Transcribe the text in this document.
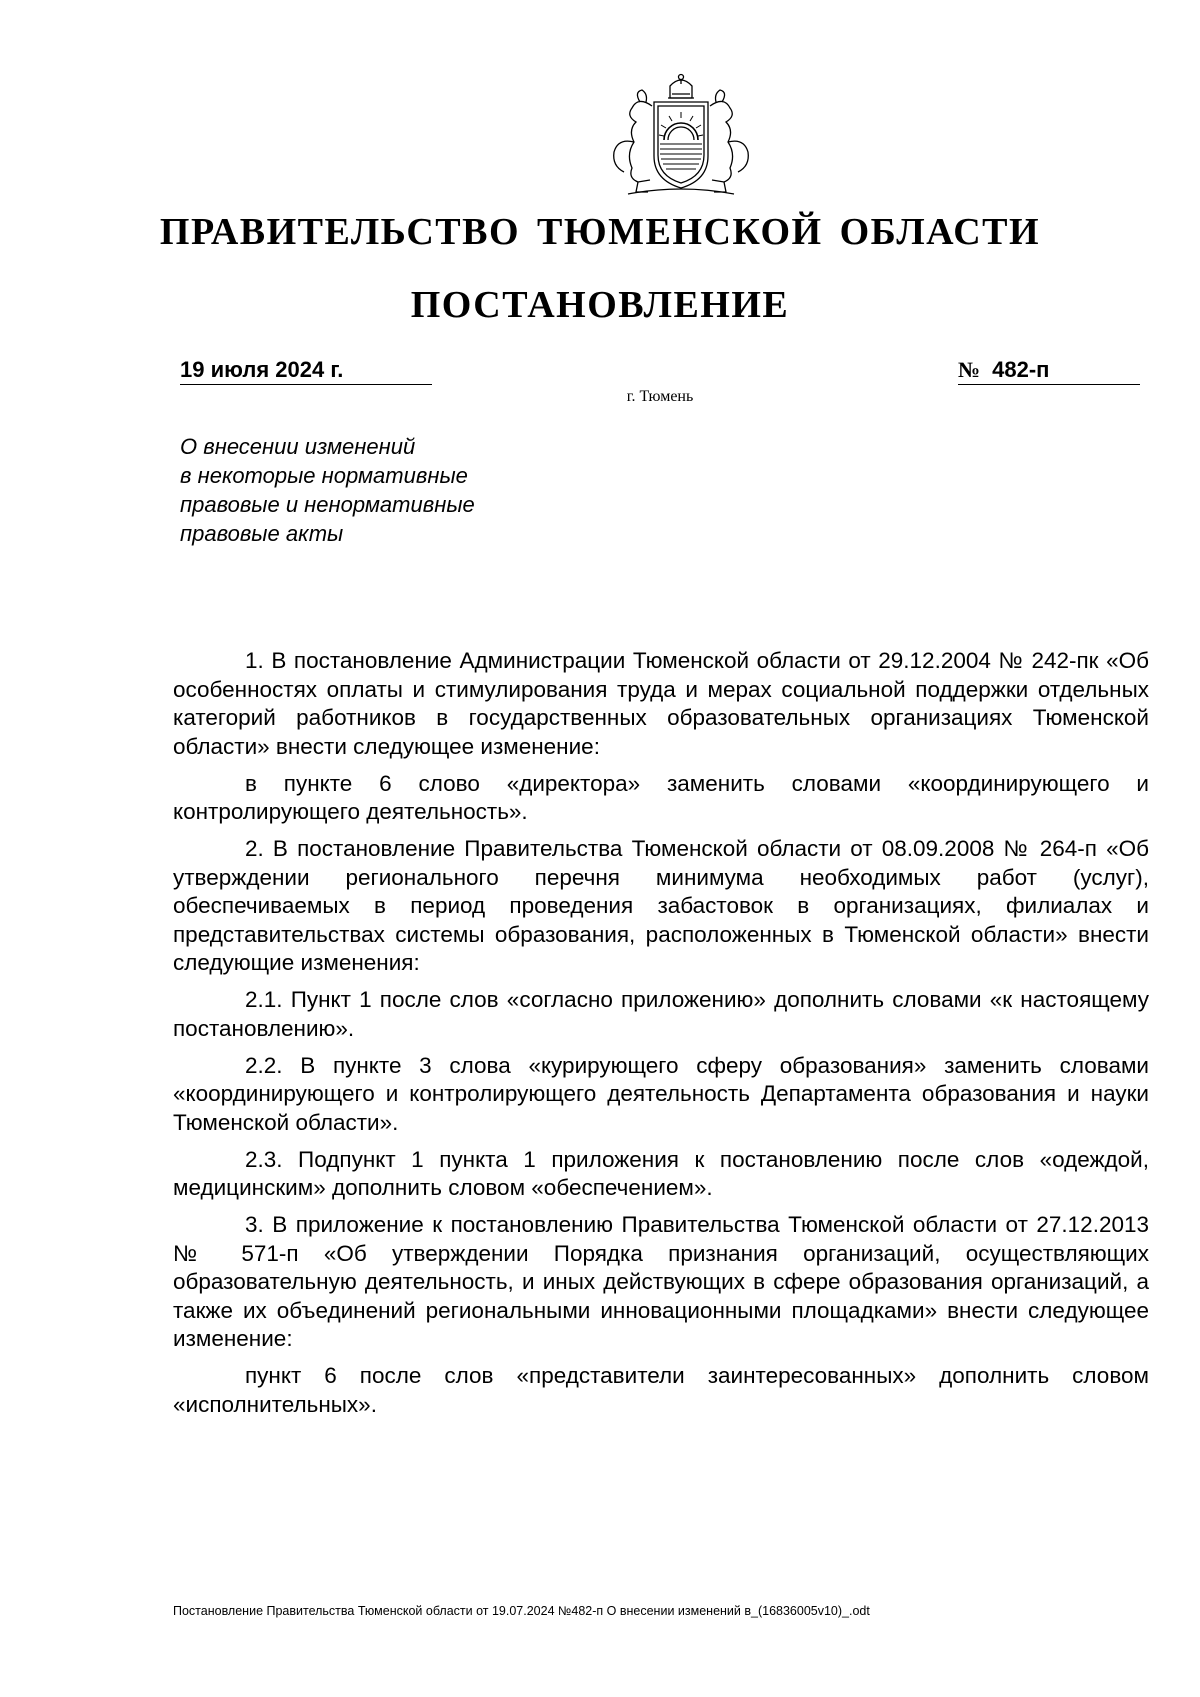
ПРАВИТЕЛЬСТВО ТЮМЕНСКОЙ ОБЛАСТИ
ПОСТАНОВЛЕНИЕ
19 июля 2024 г.	№ 482-п
г. Тюмень
О внесении изменений
в некоторые нормативные
правовые и ненормативные
правовые акты

1. В постановление Администрации Тюменской области от 29.12.2004 № 242-пк «Об особенностях оплаты и стимулирования труда и мерах социальной поддержки отдельных категорий работников в государственных образовательных организациях Тюменской области» внести следующее изменение:

в пункте 6 слово «директора» заменить словами «координирующего и контролирующего деятельность».

2. В постановление Правительства Тюменской области от 08.09.2008 № 264-п «Об утверждении регионального перечня минимума необходимых работ (услуг), обеспечиваемых в период проведения забастовок в организациях, филиалах и представительствах системы образования, расположенных в Тюменской области» внести следующие изменения:

2.1. Пункт 1 после слов «согласно приложению» дополнить словами «к настоящему постановлению».

2.2. В пункте 3 слова «курирующего сферу образования» заменить словами «координирующего и контролирующего деятельность Департамента образования и науки Тюменской области».

2.3. Подпункт 1 пункта 1 приложения к постановлению после слов «одеждой, медицинским» дополнить словом «обеспечением».

3. В приложение к постановлению Правительства Тюменской области от 27.12.2013 № 571-п «Об утверждении Порядка признания организаций, осуществляющих образовательную деятельность, и иных действующих в сфере образования организаций, а также их объединений региональными инновационными площадками» внести следующее изменение:

пункт 6 после слов «представители заинтересованных» дополнить словом «исполнительных».

Постановление Правительства Тюменской области от 19.07.2024 №482-п О внесении изменений в_(16836005v10)_.odt
